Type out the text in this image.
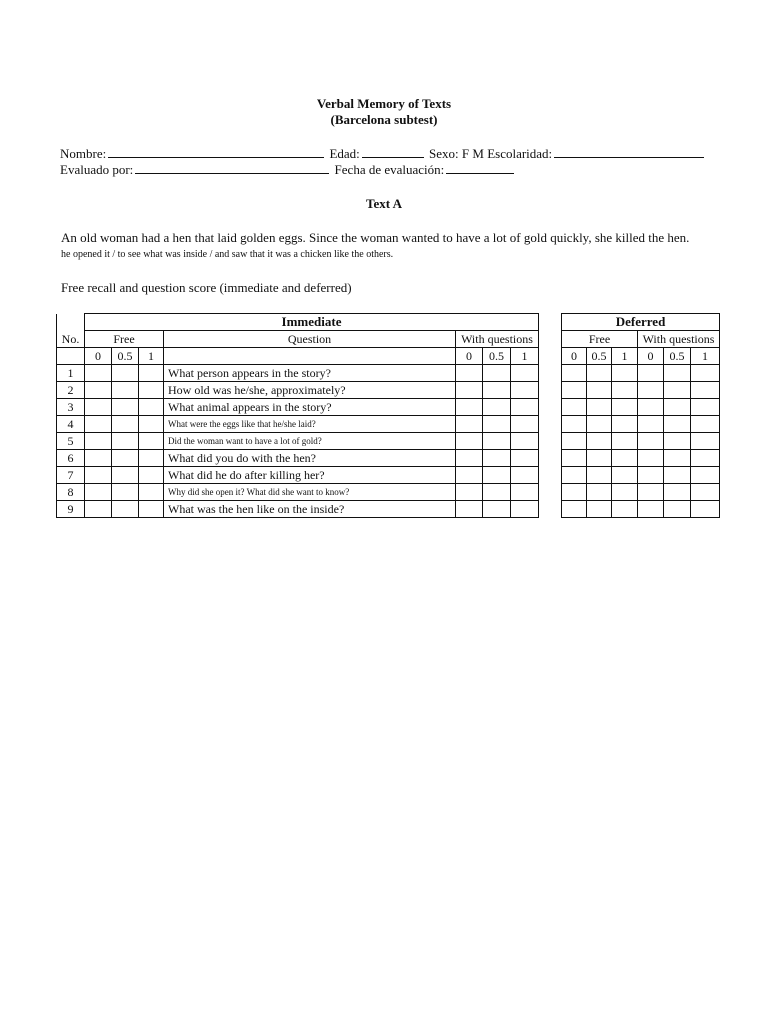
Verbal Memory of Texts
(Barcelona subtest)
Nombre:	Edad:	Sexo: F M Escolaridad:
Evaluado por:	Fecha de evaluación:
Text A
An old woman had a hen that laid golden eggs. Since the woman wanted to have a lot of gold quickly, she killed the hen.
he opened it / to see what was inside / and saw that it was a chicken like the others.
Free recall and question score (immediate and deferred)
	Immediate						
No.	Free			Question	With questions		
	0	0.5	1		0	0.5	1
1				What person appears in the story?			
2				How old was he/she, approximately?			
3				What animal appears in the story?			
4				What were the eggs like that he/she laid?			
5				Did the woman want to have a lot of gold?			
6				What did you do with the hen?			
7				What did he do after killing her?			
8				Why did she open it? What did she want to know?			
9				What was the hen like on the inside?			
Deferred					
Free			With questions		
0	0.5	1	0	0.5	1
